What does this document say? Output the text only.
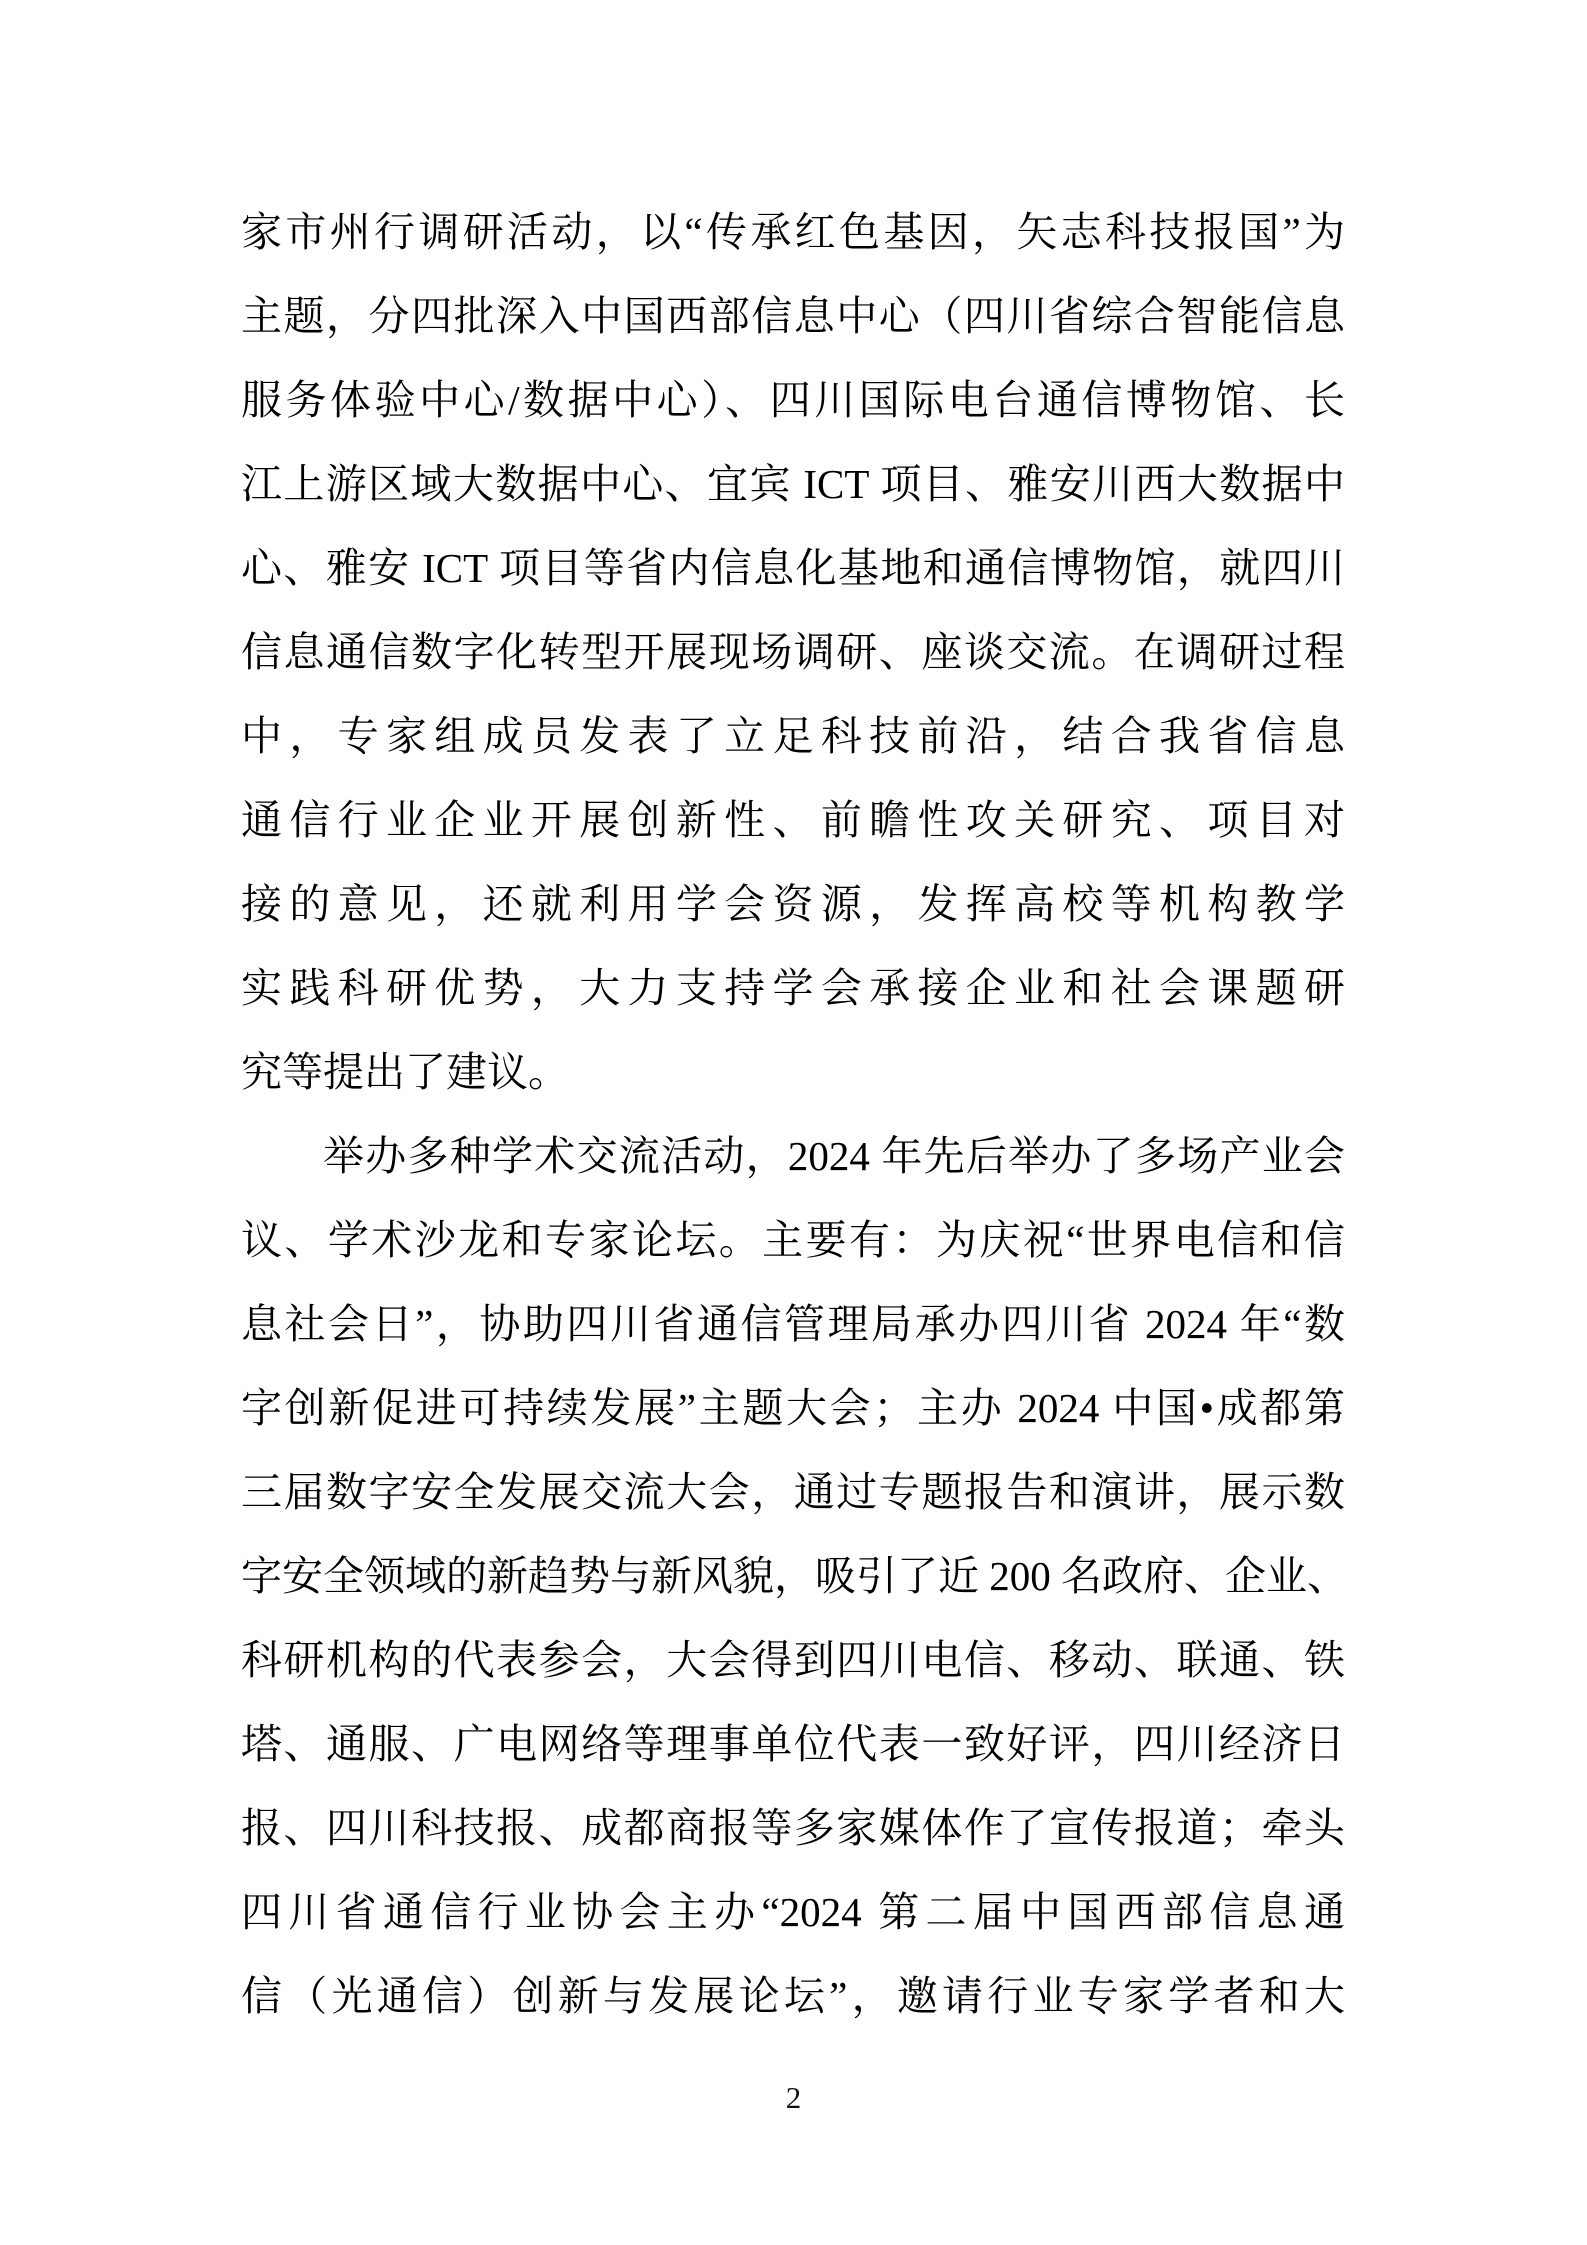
家市州行调研活动，以“传承红色基因，矢志科技报国”为
主题，分四批深入中国西部信息中心（四川省综合智能信息
服务体验中心/数据中心）、四川国际电台通信博物馆、长
江上游区域大数据中心、宜宾 ICT 项目、雅安川西大数据中
心、雅安 ICT 项目等省内信息化基地和通信博物馆，就四川
信息通信数字化转型开展现场调研、座谈交流。在调研过程
中，专家组成员发表了立足科技前沿，结合我省信息
通信行业企业开展创新性、前瞻性攻关研究、项目对
接的意见，还就利用学会资源，发挥高校等机构教学
实践科研优势，大力支持学会承接企业和社会课题研
究等提出了建议。
举办多种学术交流活动，2024 年先后举办了多场产业会
议、学术沙龙和专家论坛。主要有：为庆祝“世界电信和信
息社会日”，协助四川省通信管理局承办四川省 2024 年“数
字创新促进可持续发展”主题大会；主办 2024 中国•成都第
三届数字安全发展交流大会，通过专题报告和演讲，展示数
字安全领域的新趋势与新风貌，吸引了近 200 名政府、企业、
科研机构的代表参会，大会得到四川电信、移动、联通、铁
塔、通服、广电网络等理事单位代表一致好评，四川经济日
报、四川科技报、成都商报等多家媒体作了宣传报道；牵头
四川省通信行业协会主办“2024 第二届中国西部信息通
信（光通信）创新与发展论坛”，邀请行业专家学者和大
2
